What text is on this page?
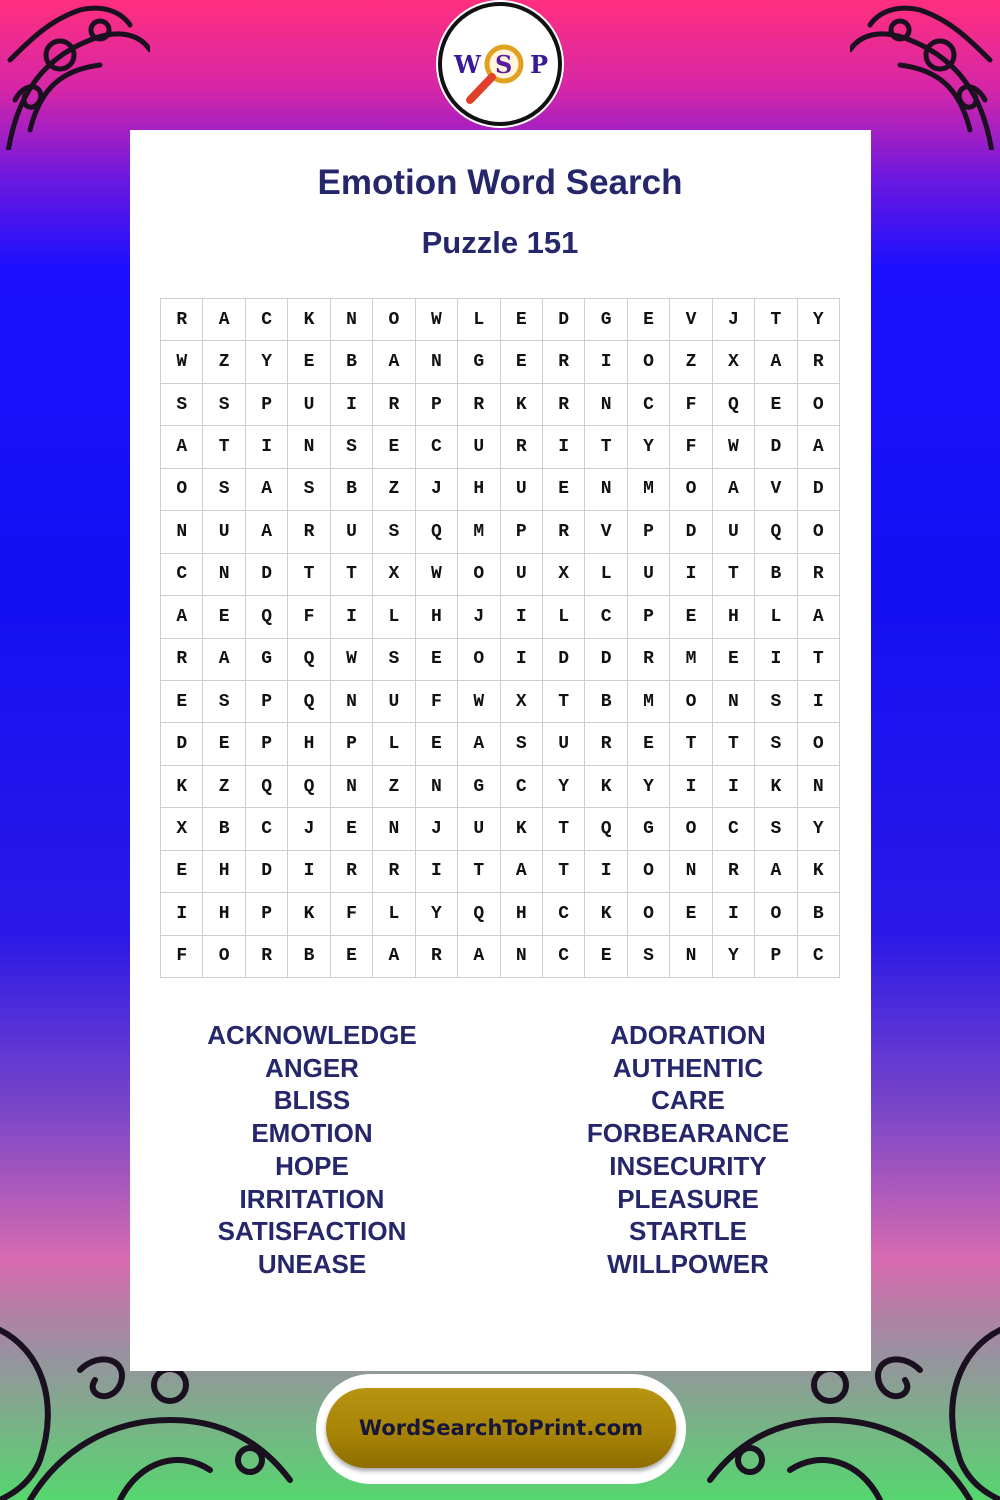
W S P
Emotion Word Search
Puzzle 151
R	A	C	K	N	O	W	L	E	D	G	E	V	J	T	Y
W	Z	Y	E	B	A	N	G	E	R	I	O	Z	X	A	R
S	S	P	U	I	R	P	R	K	R	N	C	F	Q	E	O
A	T	I	N	S	E	C	U	R	I	T	Y	F	W	D	A
O	S	A	S	B	Z	J	H	U	E	N	M	O	A	V	D
N	U	A	R	U	S	Q	M	P	R	V	P	D	U	Q	O
C	N	D	T	T	X	W	O	U	X	L	U	I	T	B	R
A	E	Q	F	I	L	H	J	I	L	C	P	E	H	L	A
R	A	G	Q	W	S	E	O	I	D	D	R	M	E	I	T
E	S	P	Q	N	U	F	W	X	T	B	M	O	N	S	I
D	E	P	H	P	L	E	A	S	U	R	E	T	T	S	O
K	Z	Q	Q	N	Z	N	G	C	Y	K	Y	I	I	K	N
X	B	C	J	E	N	J	U	K	T	Q	G	O	C	S	Y
E	H	D	I	R	R	I	T	A	T	I	O	N	R	A	K
I	H	P	K	F	L	Y	Q	H	C	K	O	E	I	O	B
F	O	R	B	E	A	R	A	N	C	E	S	N	Y	P	C
ACKNOWLEDGE
ANGER
BLISS
EMOTION
HOPE
IRRITATION
SATISFACTION
UNEASE
ADORATION
AUTHENTIC
CARE
FORBEARANCE
INSECURITY
PLEASURE
STARTLE
WILLPOWER
WordSearchToPrint.com
